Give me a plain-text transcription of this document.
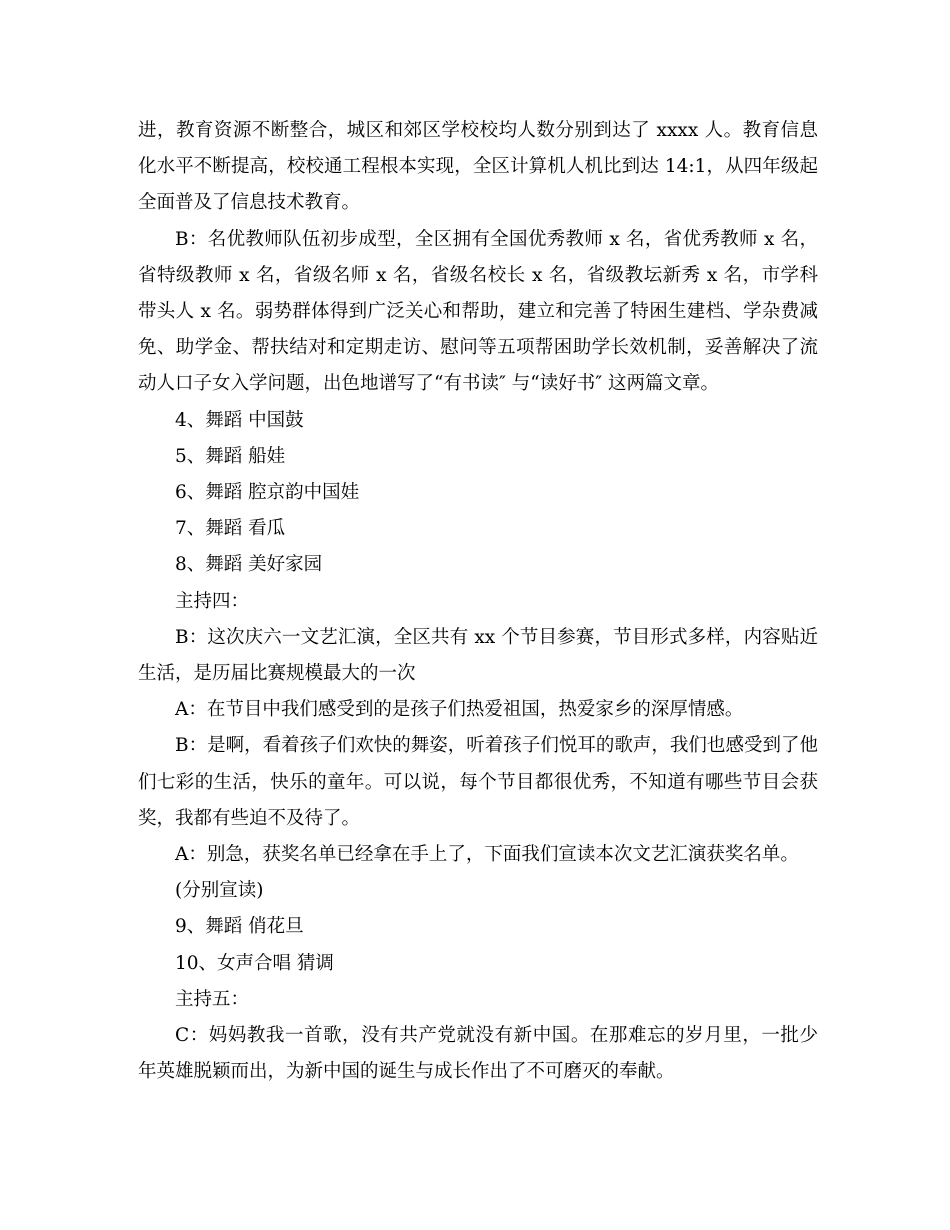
进，教育资源不断整合，城区和郊区学校校均人数分别到达了 xxxx 人。教育信息化水平不断提高，校校通工程根本实现，全区计算机人机比到达 14:1，从四年级起全面普及了信息技术教育。

B：名优教师队伍初步成型，全区拥有全国优秀教师 x 名，省优秀教师 x 名，省特级教师 x 名，省级名师 x 名，省级名校长 x 名，省级教坛新秀 x 名，市学科带头人 x 名。弱势群体得到广泛关心和帮助，建立和完善了特困生建档、学杂费减免、助学金、帮扶结对和定期走访、慰问等五项帮困助学长效机制，妥善解决了流动人口子女入学问题，出色地谱写了“有书读″ 与“读好书″ 这两篇文章。

4、舞蹈 中国鼓

5、舞蹈 船娃

6、舞蹈 腔京韵中国娃

7、舞蹈 看瓜

8、舞蹈 美好家园

主持四：

B：这次庆六一文艺汇演，全区共有 xx 个节目参赛，节目形式多样，内容贴近生活，是历届比赛规模最大的一次

A：在节目中我们感受到的是孩子们热爱祖国，热爱家乡的深厚情感。

B：是啊，看着孩子们欢快的舞姿，听着孩子们悦耳的歌声，我们也感受到了他们七彩的生活，快乐的童年。可以说，每个节目都很优秀，不知道有哪些节目会获奖，我都有些迫不及待了。

A：别急，获奖名单已经拿在手上了，下面我们宣读本次文艺汇演获奖名单。

(分别宣读)

9、舞蹈 俏花旦

10、女声合唱 猜调

主持五：

C：妈妈教我一首歌，没有共产党就没有新中国。在那难忘的岁月里，一批少年英雄脱颖而出，为新中国的诞生与成长作出了不可磨灭的奉献。
